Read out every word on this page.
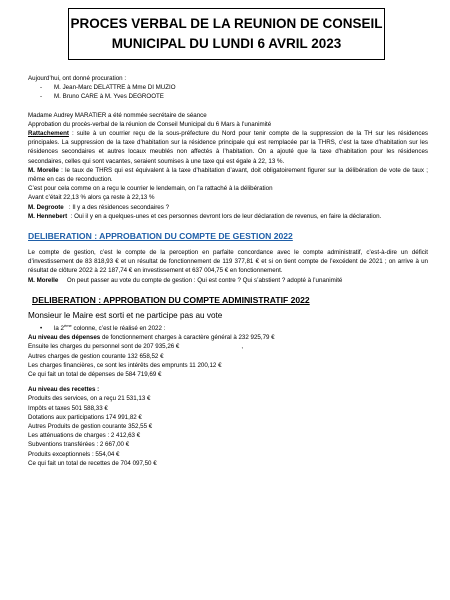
PROCES VERBAL DE LA REUNION DE CONSEIL
MUNICIPAL DU LUNDI 6 AVRIL 2023

Aujourd’hui, ont donné procuration :

- M. Jean-Marc DELATTRE à Mme DI MUZIO

- M. Bruno CARE à M. Yves DEGROOTE

Madame Audrey MARATIER a été nommée secrétaire de séance

Approbation du procès-verbal de la réunion de Conseil Municipal du 6 Mars à l’unanimité

Rattachement : suite à un courrier reçu de la sous-préfecture du Nord pour tenir compte de la suppression de la TH sur les résidences principales. La suppression de la taxe d’habitation sur la résidence principale qui est remplacée par la THRS, c’est la taxe d’habitation sur les résidences secondaires et autres locaux meublés non affectés à l’habitation. On a ajouté que la taxe d’habitation pour les résidences secondaires, celles qui sont vacantes, seraient soumises à une taxe qui est égale à 22, 13 %.

M. Morelle : le taux de THRS qui est équivalent à la taxe d’habitation d’avant, doit obligatoirement figurer sur la délibération de vote de taux ; même en cas de reconduction.

C’est pour cela comme on a reçu le courrier le lendemain, on l’a rattaché à la délibération

Avant c’était 22,13 % alors ça reste à 22,13 %

M. Degroote   : Il y a des résidences secondaires ?

M. Hennebert  : Oui il y en a quelques-unes et ces personnes devront lors de leur déclaration de revenus, en faire la déclaration.

DELIBERATION : APPROBATION DU COMPTE DE GESTION 2022

Le compte de gestion, c’est le compte de la perception en parfaite concordance avec le compte administratif, c’est-à-dire un déficit d’investissement de 83 818,93 € et un résultat de fonctionnement de 119 377,81 € et si on tient compte de l’excédent de 2021 ; on arrive à un résultat de clôture 2022 à 22 187,74 € en investissement et 637 004,75 € en fonctionnement.

M. Morelle     On peut passer au vote du compte de gestion : Qui est contre ? Qui s’abstient ? adopté à l’unanimité

DELIBERATION : APPROBATION DU COMPTE ADMINISTRATIF 2022

Monsieur le Maire est sorti et ne participe pas au vote

• la 2ème colonne, c’est le réalisé en 2022 :

Au niveau des dépenses de fonctionnement charges à caractère général à 232 925,79 €

Ensuite les charges du personnel sont de 207 935,26 €	,

Autres charges de gestion courante 132 658,52 €

Les charges financières, ce sont les intérêts des emprunts 11 200,12 €

Ce qui fait un total de dépenses de 584 719,69 €

Au niveau des recettes :

Produits des services, on a reçu 21 531,13 €

Impôts et taxes 501 588,33 €

Dotations aux participations 174 991,82 €

Autres Produits de gestion courante 352,55 €

Les atténuations de charges : 2 412,63 €

Subventions transférées : 2 667,00 €

Produits exceptionnels : 554,04 €

Ce qui fait un total de recettes de 704 097,50 €
